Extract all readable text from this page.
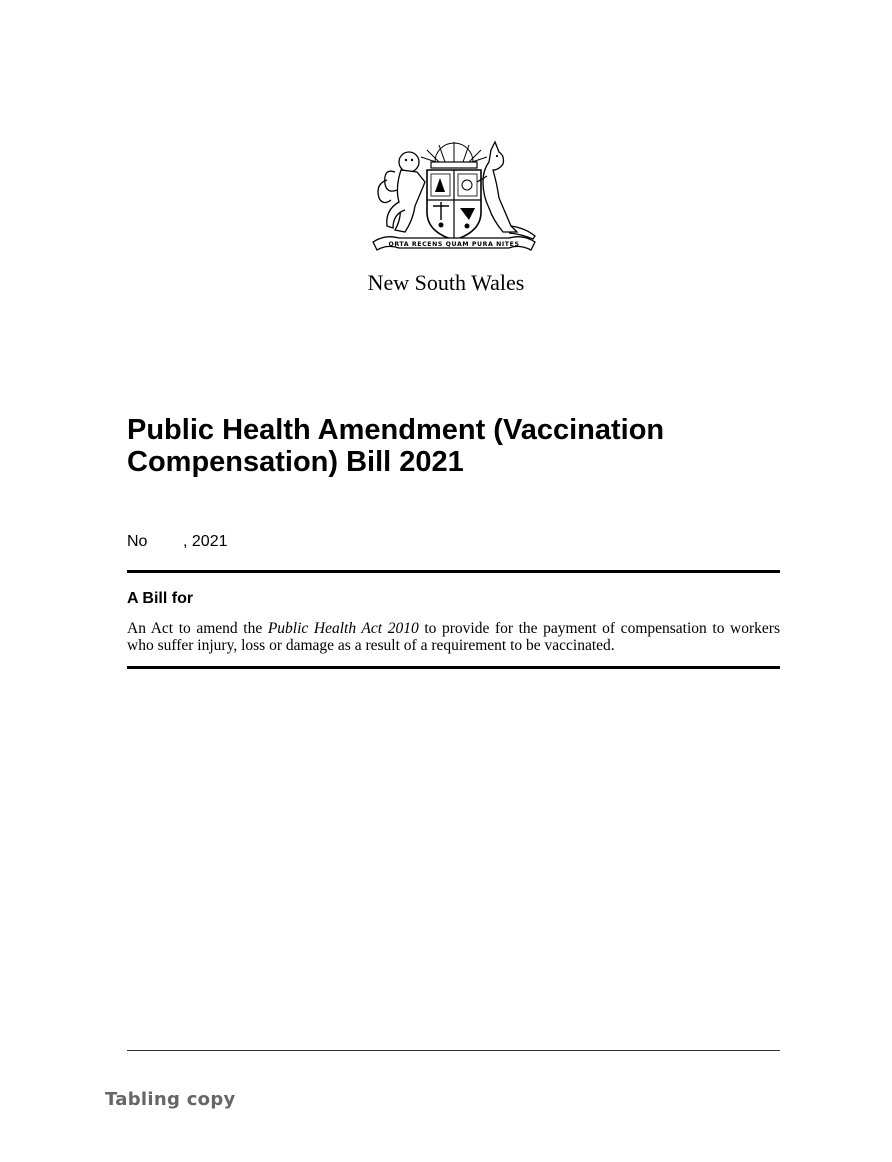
ORTA RECENS QUAM PURA NITES
New South Wales
Public Health Amendment (Vaccination Compensation) Bill 2021
No        , 2021
A Bill for

An Act to amend the Public Health Act 2010 to provide for the payment of compensation to workers who suffer injury, loss or damage as a result of a requirement to be vaccinated.

Tabling copy
